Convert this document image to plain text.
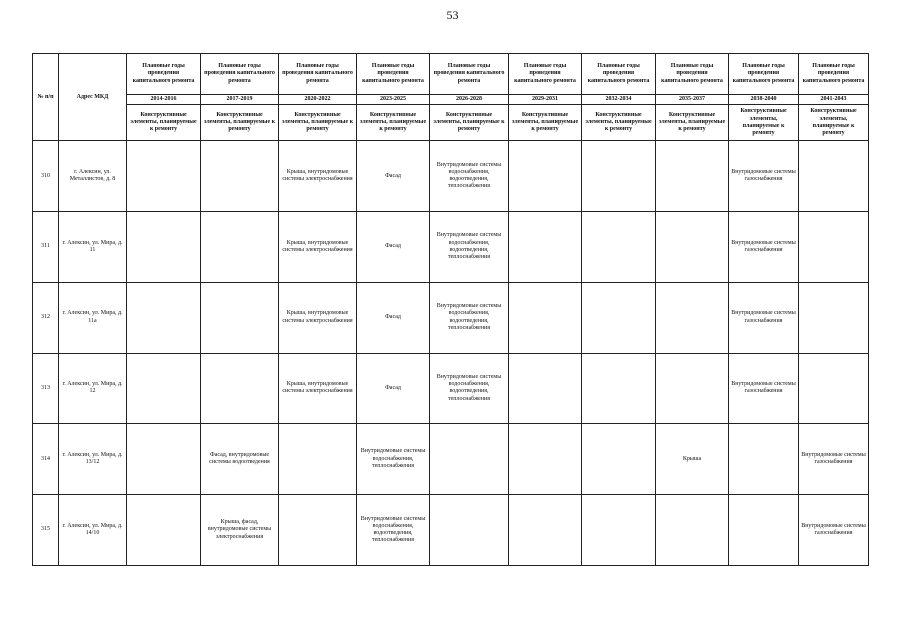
53
№ п/п	Адрес МКД	Плановые годы проведения капитального ремонта	Плановые годы проведения капитального ремонта	Плановые годы проведения капитального ремонта	Плановые годы проведения капитального ремонта	Плановые годы проведения капитального ремонта	Плановые годы проведения капитального ремонта	Плановые годы проведения капитального ремонта	Плановые годы проведения капитального ремонта	Плановые годы проведения капитального ремонта	Плановые годы проведения капитального ремонта
		2014-2016	2017-2019	2020-2022	2023-2025	2026-2028	2029-2031	2032-2034	2035-2037	2038-2040	2041-2043
		Конструктивные элементы, планируемые к ремонту	Конструктивные элементы, планируемые к ремонту	Конструктивные элементы, планируемые к ремонту	Конструктивные элементы, планируемые к ремонту	Конструктивные элементы, планируемые к ремонту	Конструктивные элементы, планируемые к ремонту	Конструктивные элементы, планируемые к ремонту	Конструктивные элементы, планируемые к ремонту	Конструктивные элементы, планируемые к ремонту	Конструктивные элементы, планируемые к ремонту
310	г. Алексин, ул. Металлистов, д. 8			Крыша, внутридомовые системы электроснабжения	Фасад	Внутридомовые системы водоснабжения, водоотведения, теплоснабжения				Внутридомовые системы газоснабжения	
311	г. Алексин, ул. Мира, д. 11			Крыша, внутридомовые системы электроснабжения	Фасад	Внутридомовые системы водоснабжения, водоотведения, теплоснабжения				Внутридомовые системы газоснабжения	
312	г. Алексин, ул. Мира, д. 11а			Крыша, внутридомовые системы электроснабжения	Фасад	Внутридомовые системы водоснабжения, водоотведения, теплоснабжения				Внутридомовые системы газоснабжения	
313	г. Алексин, ул. Мира, д. 12			Крыша, внутридомовые системы электроснабжения	Фасад	Внутридомовые системы водоснабжения, водоотведения, теплоснабжения				Внутридомовые системы газоснабжения	
314	г. Алексин, ул. Мира, д. 13/12		Фасад, внутридомовые системы водоотведения		Внутридомовые системы водоснабжения, теплоснабжения				Крыша		Внутридомовые системы газоснабжения
315	г. Алексин, ул. Мира, д. 14/10		Крыша, фасад, внутридомовые системы электроснабжения		Внутридомовые системы водоснабжения, водоотведения, теплоснабжения						Внутридомовые системы газоснабжения
